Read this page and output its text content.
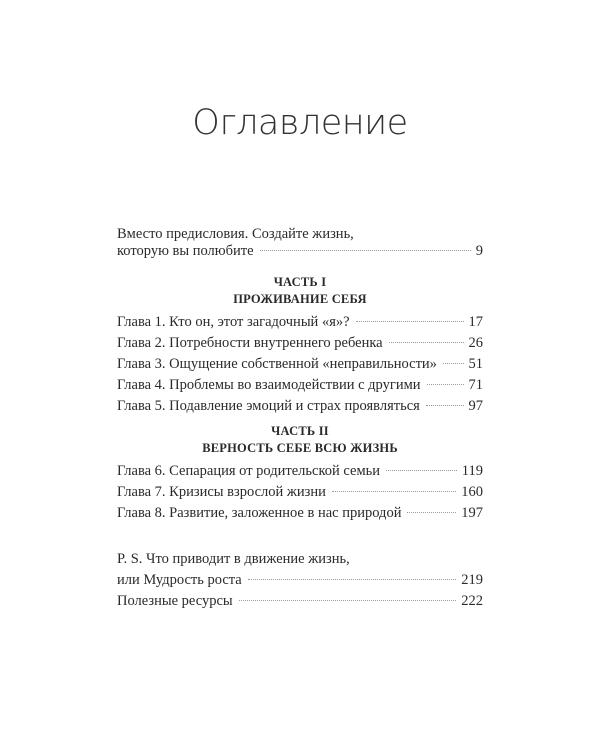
Оглавление
Вместо предисловия. Создайте жизнь,
которую вы полюбите	9
ЧАСТЬ I
ПРОЖИВАНИЕ СЕБЯ
Глава 1. Кто он, этот загадочный «я»?	17
Глава 2. Потребности внутреннего ребенка	26
Глава 3. Ощущение собственной «неправильности» 51
Глава 4. Проблемы во взаимодействии с другими	71
Глава 5. Подавление эмоций и страх проявляться	97
ЧАСТЬ II
ВЕРНОСТЬ СЕБЕ ВСЮ ЖИЗНЬ
Глава 6. Сепарация от родительской семьи	119
Глава 7. Кризисы взрослой жизни	160
Глава 8. Развитие, заложенное в нас природой	197
P. S. Что приводит в движение жизнь,
или Мудрость роста	219
Полезные ресурсы	222
